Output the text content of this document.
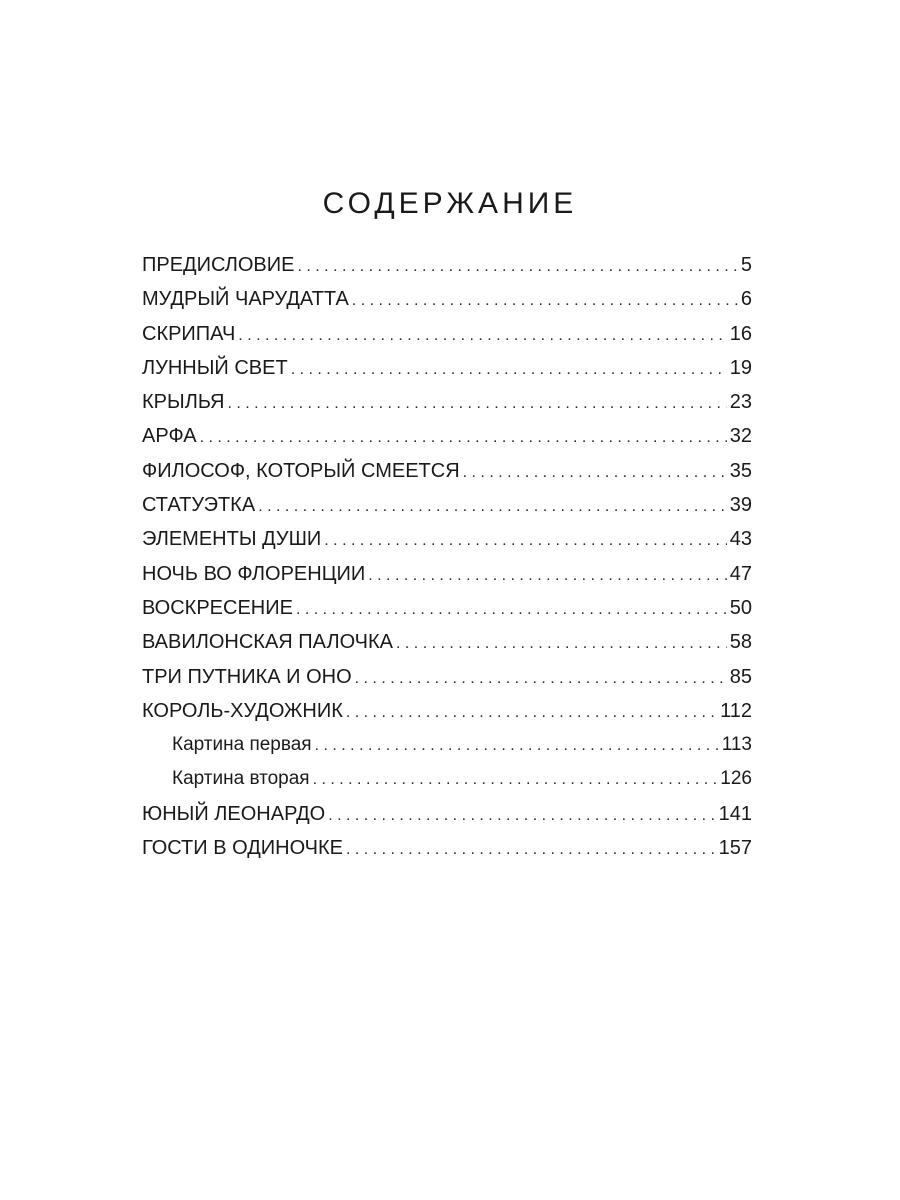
СОДЕРЖАНИЕ
ПРЕДИСЛОВИЕ . . .	5
МУДРЫЙ ЧАРУДАТТА . . .	6
СКРИПАЧ . . .	16
ЛУННЫЙ СВЕТ . . .	19
КРЫЛЬЯ . . .	23
АРФА . . .	32
ФИЛОСОФ, КОТОРЫЙ СМЕЕТСЯ . . .	35
СТАТУЭТКА . . .	39
ЭЛЕМЕНТЫ ДУШИ . . .	43
НОЧЬ ВО ФЛОРЕНЦИИ . . .	47
ВОСКРЕСЕНИЕ . . .	50
ВАВИЛОНСКАЯ ПАЛОЧКА . . .	58
ТРИ ПУТНИКА И ОНО . . .	85
КОРОЛЬ-ХУДОЖНИК . . .	112
Картина первая . . .	113
Картина вторая . . .	126
ЮНЫЙ ЛЕОНАРДО . . .	141
ГОСТИ В ОДИНОЧКЕ . . .	157
